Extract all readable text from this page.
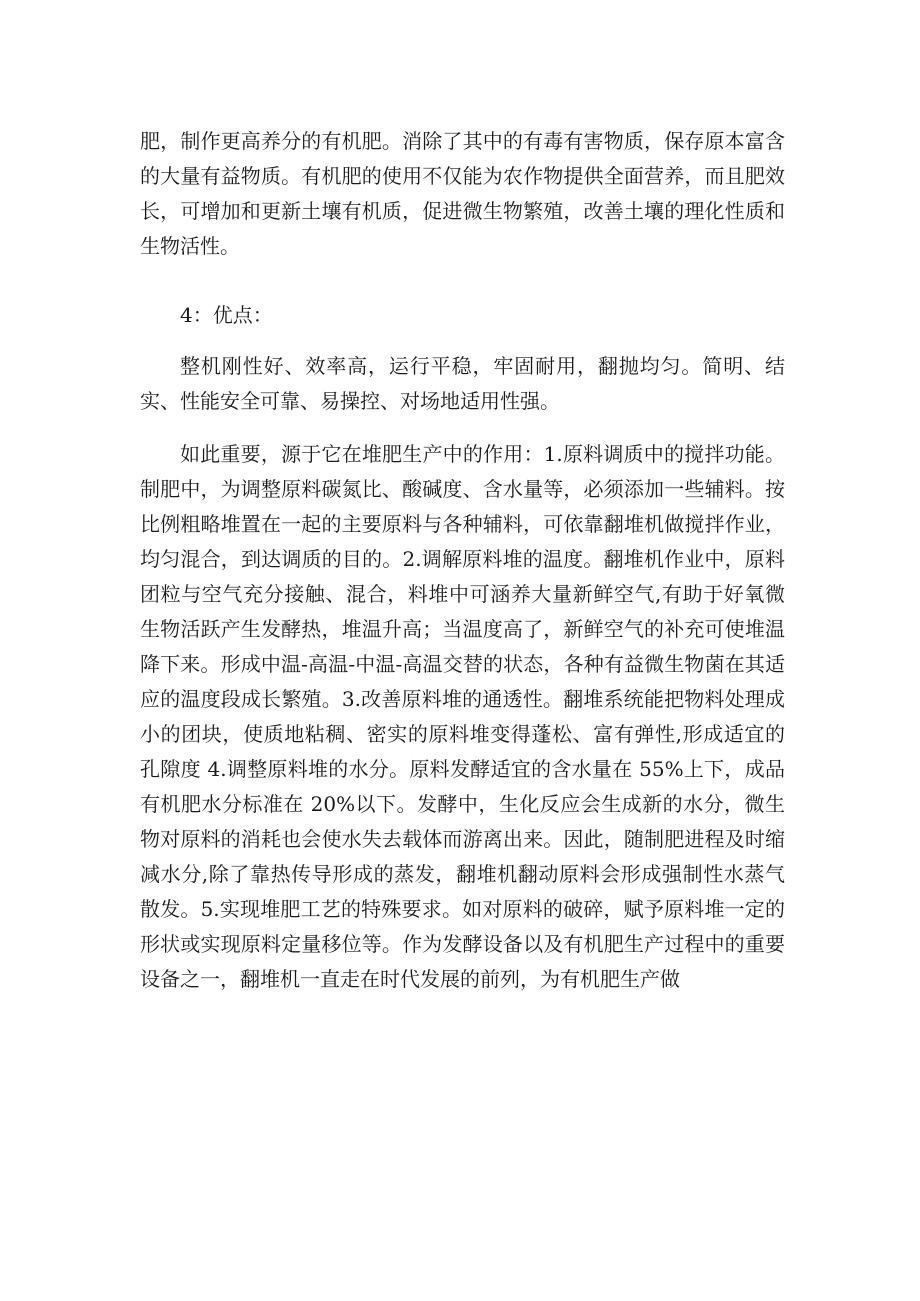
肥，制作更高养分的有机肥。消除了其中的有毒有害物质，保存原本富含的大量有益物质。有机肥的使用不仅能为农作物提供全面营养，而且肥效长，可增加和更新土壤有机质，促进微生物繁殖，改善土壤的理化性质和生物活性。

4：优点：

整机刚性好、效率高，运行平稳，牢固耐用，翻抛均匀。简明、结实、性能安全可靠、易操控、对场地适用性强。

如此重要，源于它在堆肥生产中的作用：1.原料调质中的搅拌功能。制肥中，为调整原料碳氮比、酸碱度、含水量等，必须添加一些辅料。按比例粗略堆置在一起的主要原料与各种辅料，可依靠翻堆机做搅拌作业，均匀混合，到达调质的目的。2.调解原料堆的温度。翻堆机作业中，原料团粒与空气充分接触、混合，料堆中可涵养大量新鲜空气,有助于好氧微生物活跃产生发酵热，堆温升高；当温度高了，新鲜空气的补充可使堆温降下来。形成中温-高温-中温-高温交替的状态，各种有益微生物菌在其适应的温度段成长繁殖。3.改善原料堆的通透性。翻堆系统能把物料处理成小的团块，使质地粘稠、密实的原料堆变得蓬松、富有弹性,形成适宜的孔隙度 4.调整原料堆的水分。原料发酵适宜的含水量在 55%上下，成品有机肥水分标准在 20%以下。发酵中，生化反应会生成新的水分，微生物对原料的消耗也会使水失去载体而游离出来。因此，随制肥进程及时缩减水分,除了靠热传导形成的蒸发，翻堆机翻动原料会形成强制性水蒸气散发。5.实现堆肥工艺的特殊要求。如对原料的破碎，赋予原料堆一定的形状或实现原料定量移位等。作为发酵设备以及有机肥生产过程中的重要设备之一，翻堆机一直走在时代发展的前列，为有机肥生产做
